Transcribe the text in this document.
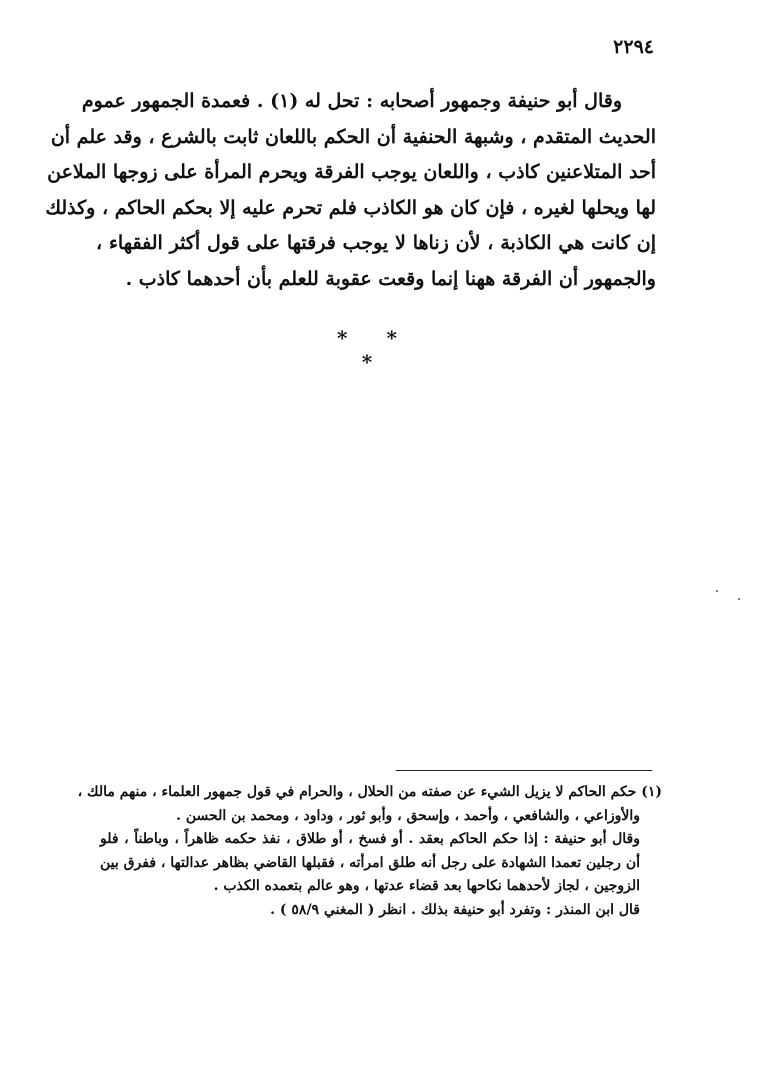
٢٢٩٤
وقال أبو حنيفة وجمهور أصحابه : تحل له (١) . فعمدة الجمهور عموم
الحديث المتقدم ، وشبهة الحنفية أن الحكم باللعان ثابت بالشرع ، وقد علم أن
أحد المتلاعنين كاذب ، واللعان يوجب الفرقة ويحرم المرأة على زوجها الملاعن
لها ويحلها لغيره ، فإن كان هو الكاذب فلم تحرم عليه إلا بحكم الحاكم ، وكذلك
إن كانت هي الكاذبة ، لأن زناها لا يوجب فرقتها على قول أكثر الفقهاء ،
والجمهور أن الفرقة ههنا إنما وقعت عقوبة للعلم بأن أحدهما كاذب .
* * *
(١) حكم الحاكم لا يزيل الشيء عن صفته من الحلال ، والحرام في قول جمهور العلماء ، منهم مالك ،
والأوزاعي ، والشافعي ، وأحمد ، وإسحق ، وأبو ثور ، وداود ، ومحمد بن الحسن .
وقال أبو حنيفة : إذا حكم الحاكم بعقد . أو فسخ ، أو طلاق ، نفذ حكمه ظاهراً ، وباطناً ، فلو
أن رجلين تعمدا الشهادة على رجل أنه طلق امرأته ، فقبلها القاضي بظاهر عدالتها ، ففرق بين
الزوجين ، لجاز لأحدهما نكاحها بعد قضاء عدتها ، وهو عالم بتعمده الكذب .
قال ابن المنذر : وتفرد أبو حنيفة بذلك . انظر ( المغني ٥٨/٩ ) .
